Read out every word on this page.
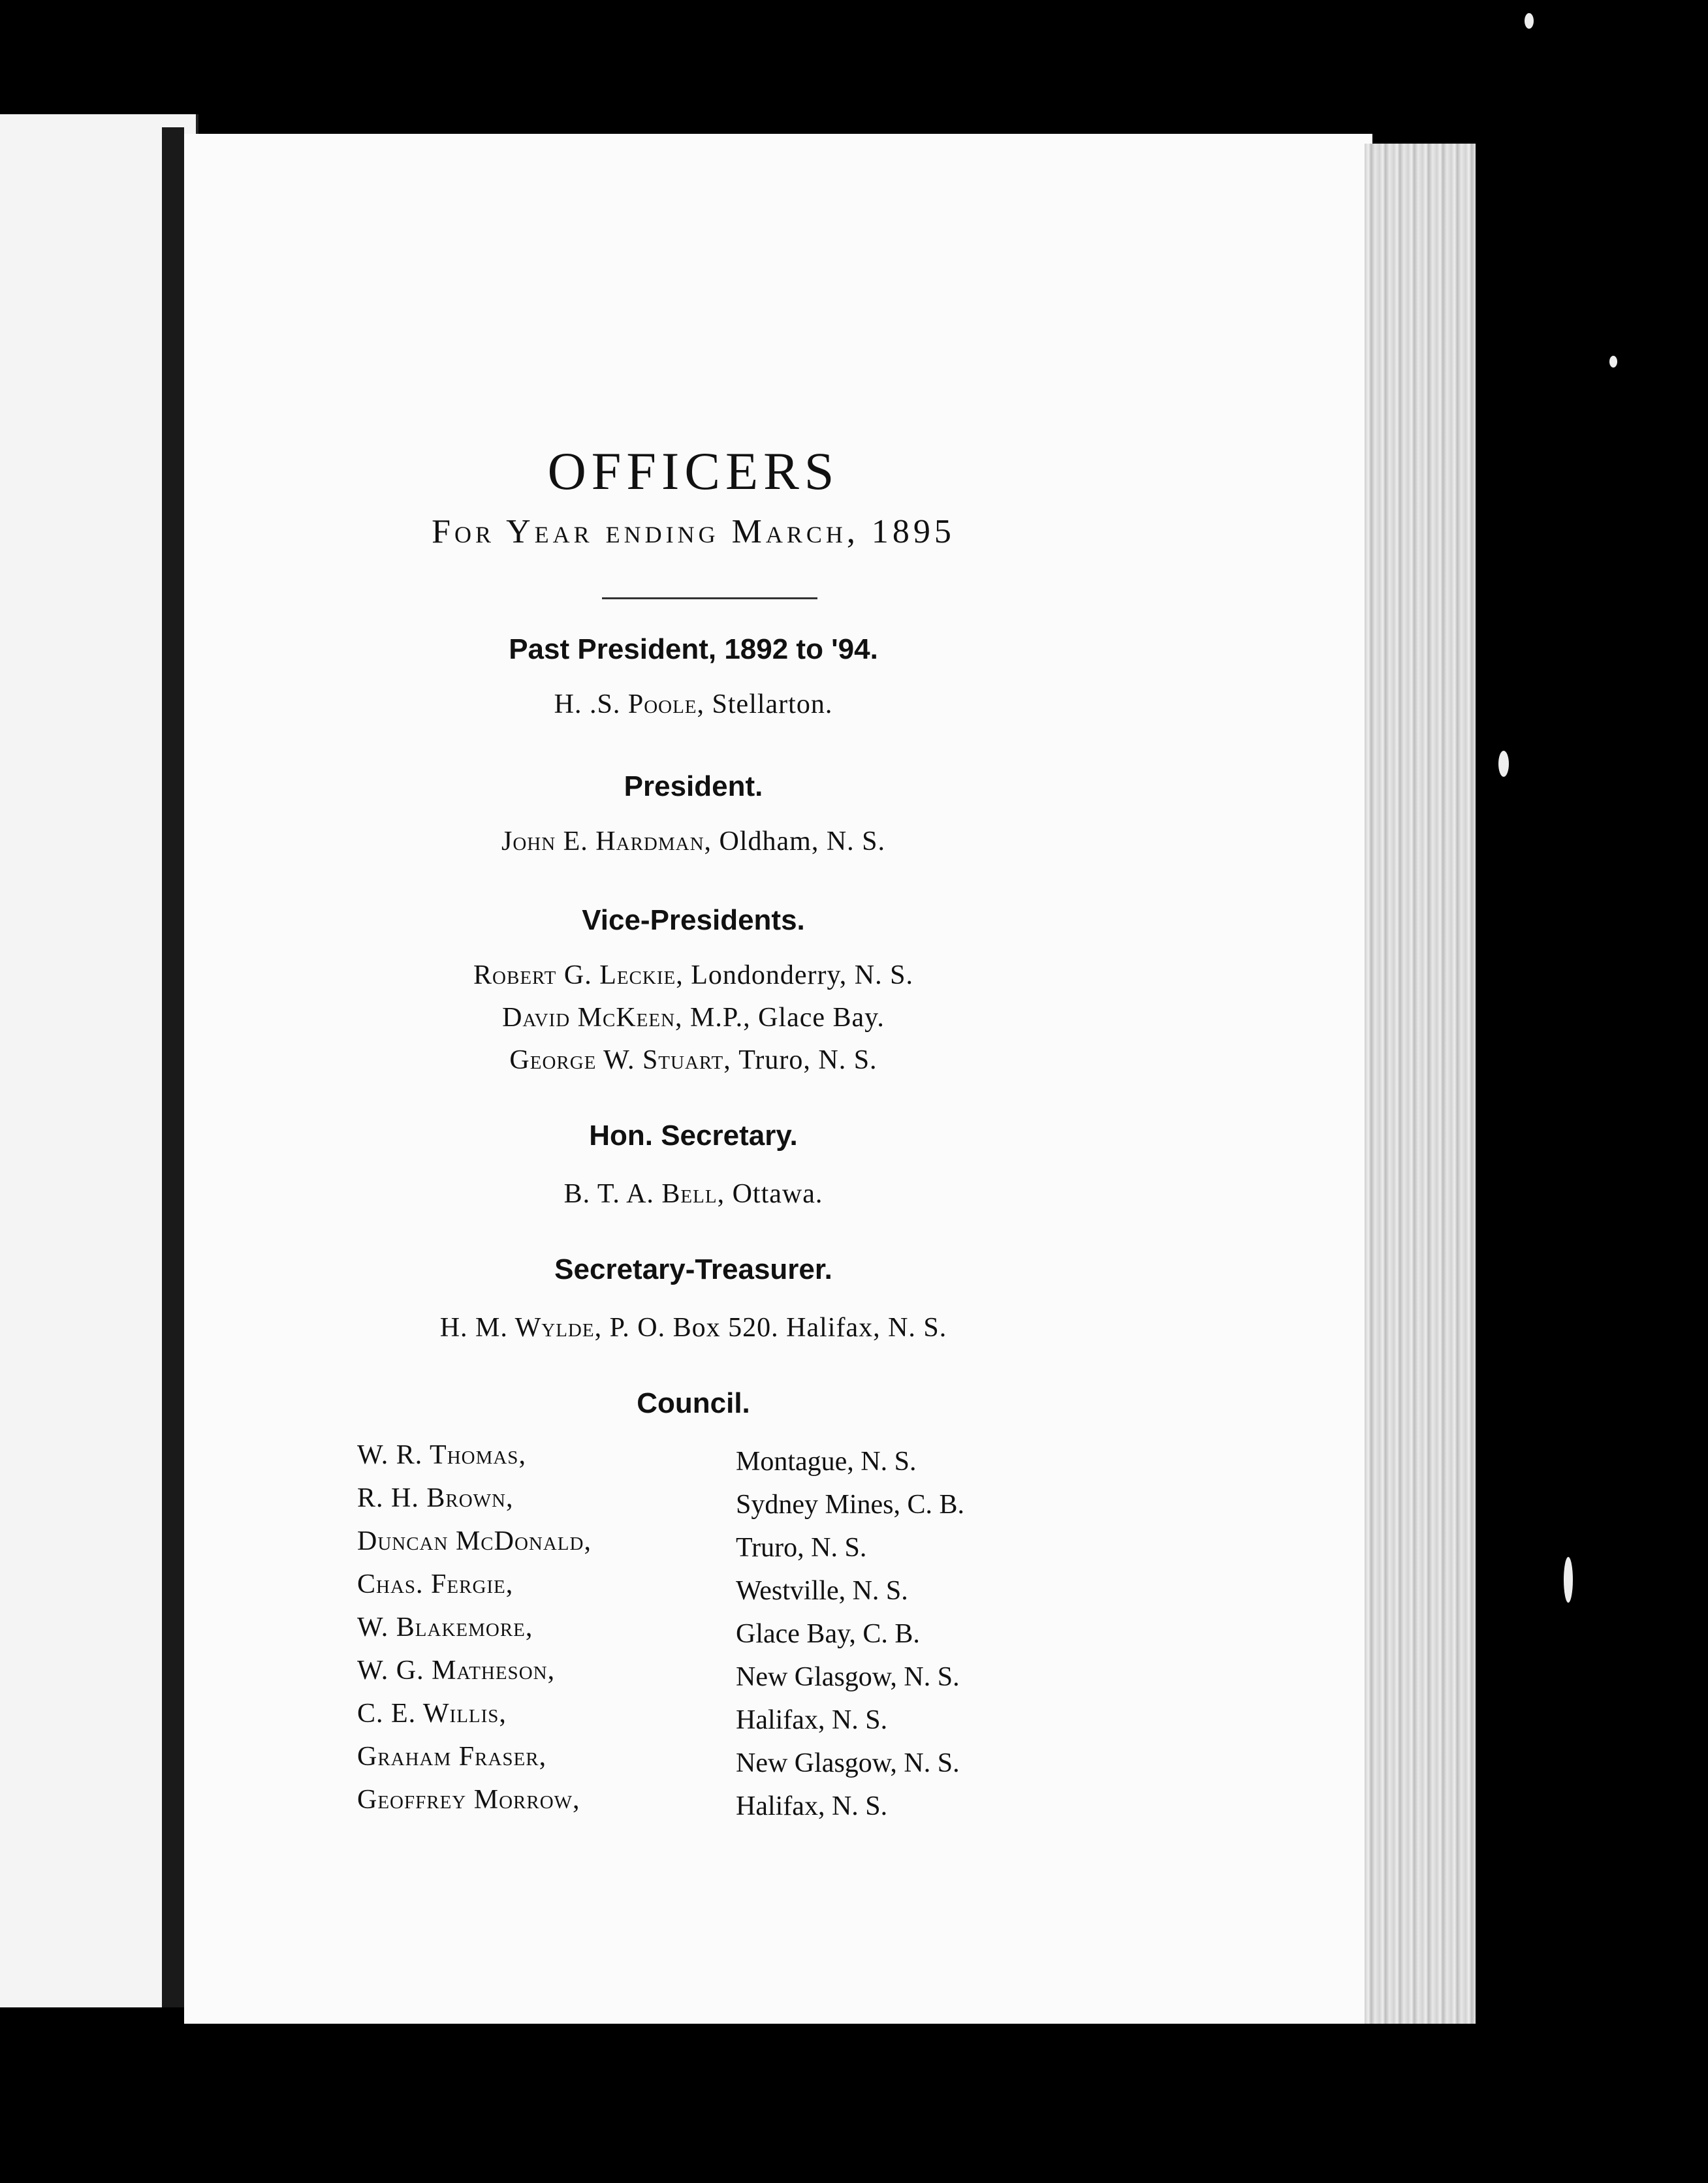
OFFICERS
For Year ending March, 1895
Past President, 1892 to '94.
H. .S. Poole, Stellarton.
President.
John E. Hardman, Oldham, N. S.
Vice-Presidents.
Robert G. Leckie, Londonderry, N. S.
David McKeen, M.P., Glace Bay.
George W. Stuart, Truro, N. S.
Hon. Secretary.
B. T. A. Bell, Ottawa.
Secretary-Treasurer.
H. M. Wylde, P. O. Box 520. Halifax, N. S.
Council.
W. R. Thomas,	Montague, N. S.
R. H. Brown,	Sydney Mines, C. B.
Duncan McDonald,	Truro, N. S.
Chas. Fergie,	Westville, N. S.
W. Blakemore,	Glace Bay, C. B.
W. G. Matheson,	New Glasgow, N. S.
C. E. Willis,	Halifax, N. S.
Graham Fraser,	New Glasgow, N. S.
Geoffrey Morrow,	Halifax, N. S.
